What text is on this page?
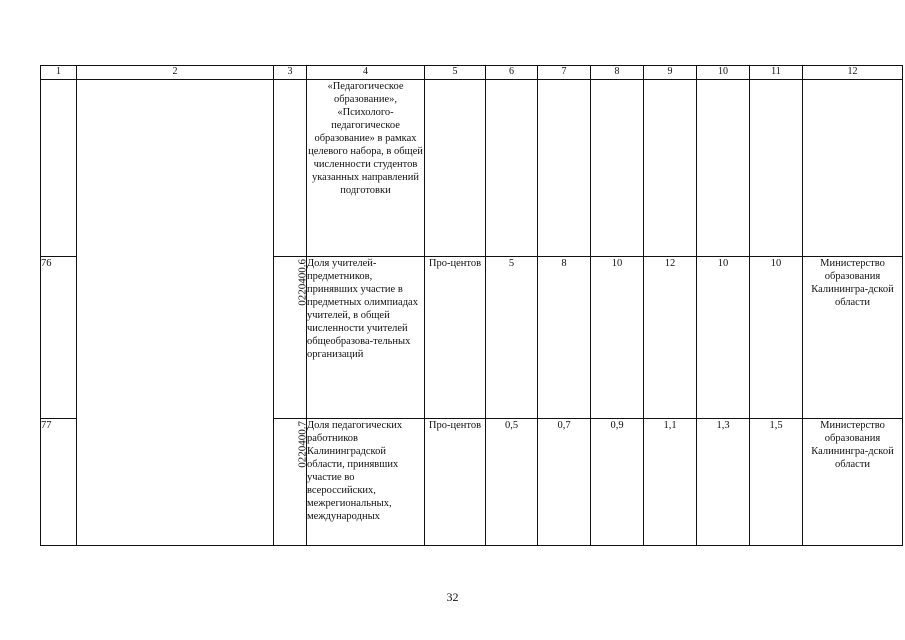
1	2	3	4	5	6	7	8	9	10	11	12
			«Педагогическое образование», «Психолого-педагогическое образование» в рамках целевого набора, в общей численности студентов указанных направлений подготовки								
76		0220400.6	Доля учителей-предметников, принявших участие в предметных олимпиадах учителей, в общей численности учителей общеобразова-тельных организаций	Про-центов	5	8	10	12	10	10	Министерство образования Калинингра-дской области
77		0220400.7	Доля педагогических работников Калининградской области, принявших участие во всероссийских, межрегиональных, международных	Про-центов	0,5	0,7	0,9	1,1	1,3	1,5	Министерство образования Калинингра-дской области
32
